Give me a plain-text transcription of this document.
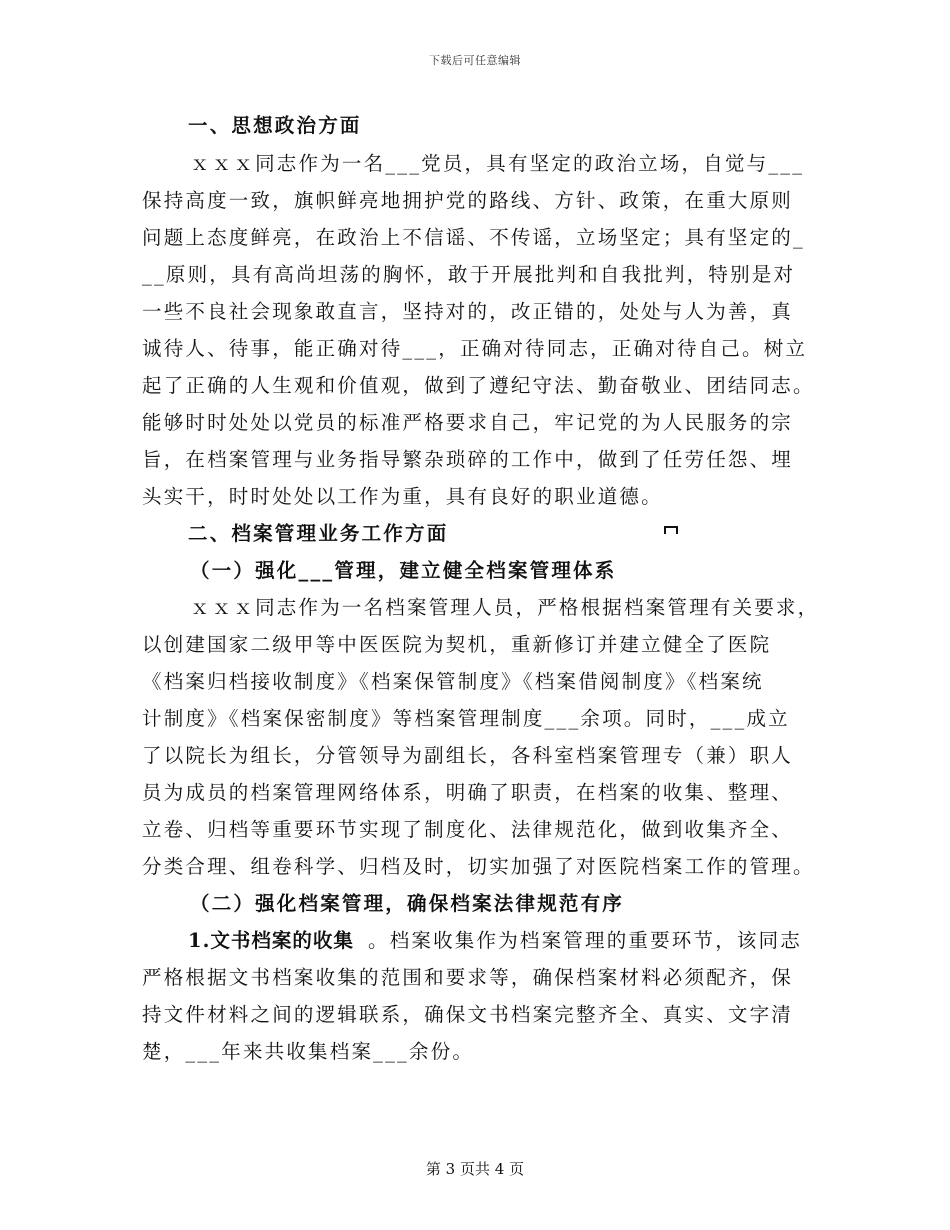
下载后可任意编辑
第 3 页共 4 页
一、思想政治方面
ｘｘｘ同志作为一名___党员，具有坚定的政治立场，自觉与___
保持高度一致，旗帜鲜亮地拥护党的路线、方针、政策，在重大原则
问题上态度鲜亮，在政治上不信谣、不传谣，立场坚定；具有坚定的_
__原则，具有高尚坦荡的胸怀，敢于开展批判和自我批判，特别是对
一些不良社会现象敢直言，坚持对的，改正错的，处处与人为善，真
诚待人、待事，能正确对待___，正确对待同志，正确对待自己。树立
起了正确的人生观和价值观，做到了遵纪守法、勤奋敬业、团结同志。
能够时时处处以党员的标准严格要求自己，牢记党的为人民服务的宗
旨，在档案管理与业务指导繁杂琐碎的工作中，做到了任劳任怨、埋
头实干，时时处处以工作为重，具有良好的职业道德。
二、档案管理业务工作方面
（一）强化___管理，建立健全档案管理体系
ｘｘｘ同志作为一名档案管理人员，严格根据档案管理有关要求，
以创建国家二级甲等中医医院为契机，重新修订并建立健全了医院
《档案归档接收制度》《档案保管制度》《档案借阅制度》《档案统
计制度》《档案保密制度》等档案管理制度___余项。同时，___成立
了以院长为组长，分管领导为副组长，各科室档案管理专（兼）职人
员为成员的档案管理网络体系，明确了职责，在档案的收集、整理、
立卷、归档等重要环节实现了制度化、法律规范化，做到收集齐全、
分类合理、组卷科学、归档及时，切实加强了对医院档案工作的管理。
（二）强化档案管理，确保档案法律规范有序
1.文书档案的收集 。档案收集作为档案管理的重要环节，该同志
严格根据文书档案收集的范围和要求等，确保档案材料必须配齐，保
持文件材料之间的逻辑联系，确保文书档案完整齐全、真实、文字清
楚，___年来共收集档案___余份。
